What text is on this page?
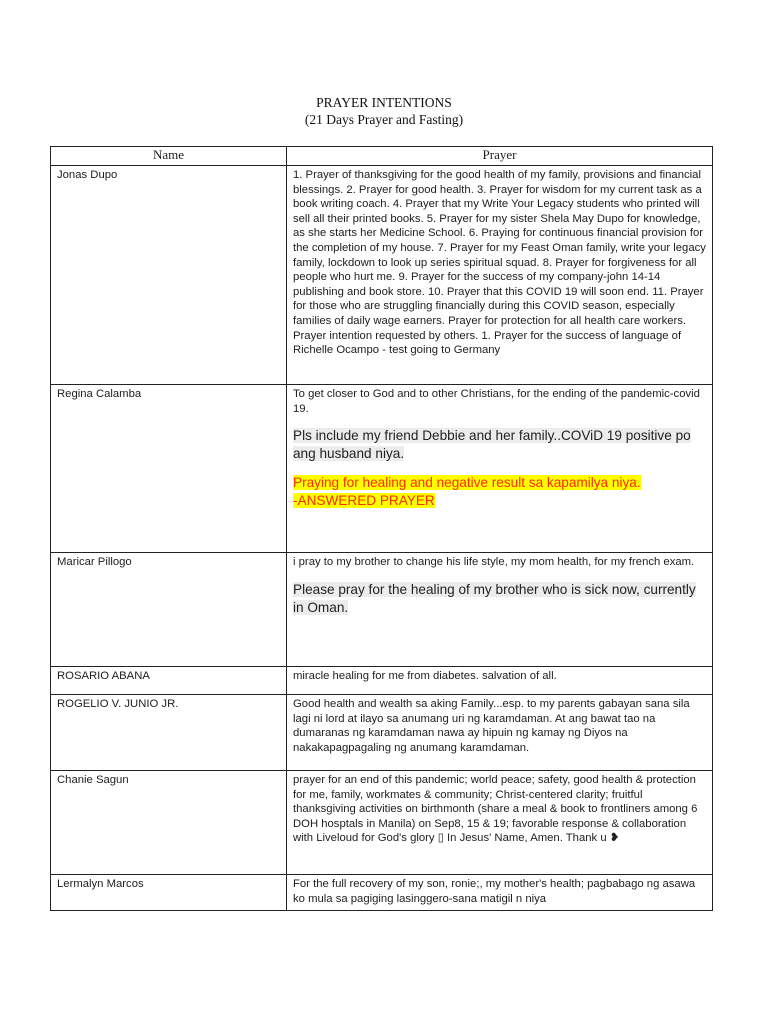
PRAYER INTENTIONS
(21 Days Prayer and Fasting)
Name	Prayer
Jonas Dupo	1. Prayer of thanksgiving for the good health of my family, provisions and financial blessings. 2. Prayer for good health. 3. Prayer for wisdom for my current task as a book writing coach. 4. Prayer that my Write Your Legacy students who printed will sell all their printed books. 5. Prayer for my sister Shela May Dupo for knowledge, as she starts her Medicine School. 6. Praying for continuous financial provision for the completion of my house. 7. Prayer for my Feast Oman family, write your legacy family, lockdown to look up series spiritual squad. 8. Prayer for forgiveness for all people who hurt me. 9. Prayer for the success of my company-john 14-14 publishing and book store. 10. Prayer that this COVID 19 will soon end. 11. Prayer for those who are struggling financially during this COVID season, especially families of daily wage earners. Prayer for protection for all health care workers. Prayer intention requested by others. 1. Prayer for the success of language of Richelle Ocampo - test going to Germany

Regina Calamba	To get closer to God and to other Christians, for the ending of the pandemic-covid 19.

Pls include my friend Debbie and her family..COViD 19 positive po ang husband niya.
Praying for healing and negative result sa kapamilya niya.
-ANSWERED PRAYER

Maricar Pillogo	i pray to my brother to change his life style, my mom health, for my french exam.

Please pray for the healing of my brother who is sick now, currently in Oman.

ROSARIO ABANA	miracle healing for me from diabetes. salvation of all.

ROGELIO V. JUNIO JR.	Good health and wealth sa aking Family...esp. to my parents gabayan sana sila lagi ni lord at ilayo sa anumang uri ng karamdaman. At ang bawat tao na dumaranas ng karamdaman nawa ay hipuin ng kamay ng Diyos na nakakapagpagaling ng anumang karamdaman.

Chanie Sagun	prayer for an end of this pandemic; world peace; safety, good health & protection for me, family, workmates & community; Christ-centered clarity; fruitful thanksgiving activities on birthmonth (share a meal & book to frontliners among 6 DOH hosptals in Manila) on Sep8, 15 & 19; favorable response & collaboration with Liveloud for God's glory ▯ In Jesus' Name, Amen. Thank u ❥

Lermalyn Marcos	For the full recovery of my son, ronie;, my mother's health; pagbabago ng asawa ko mula sa pagiging lasinggero-sana matigil n niya
